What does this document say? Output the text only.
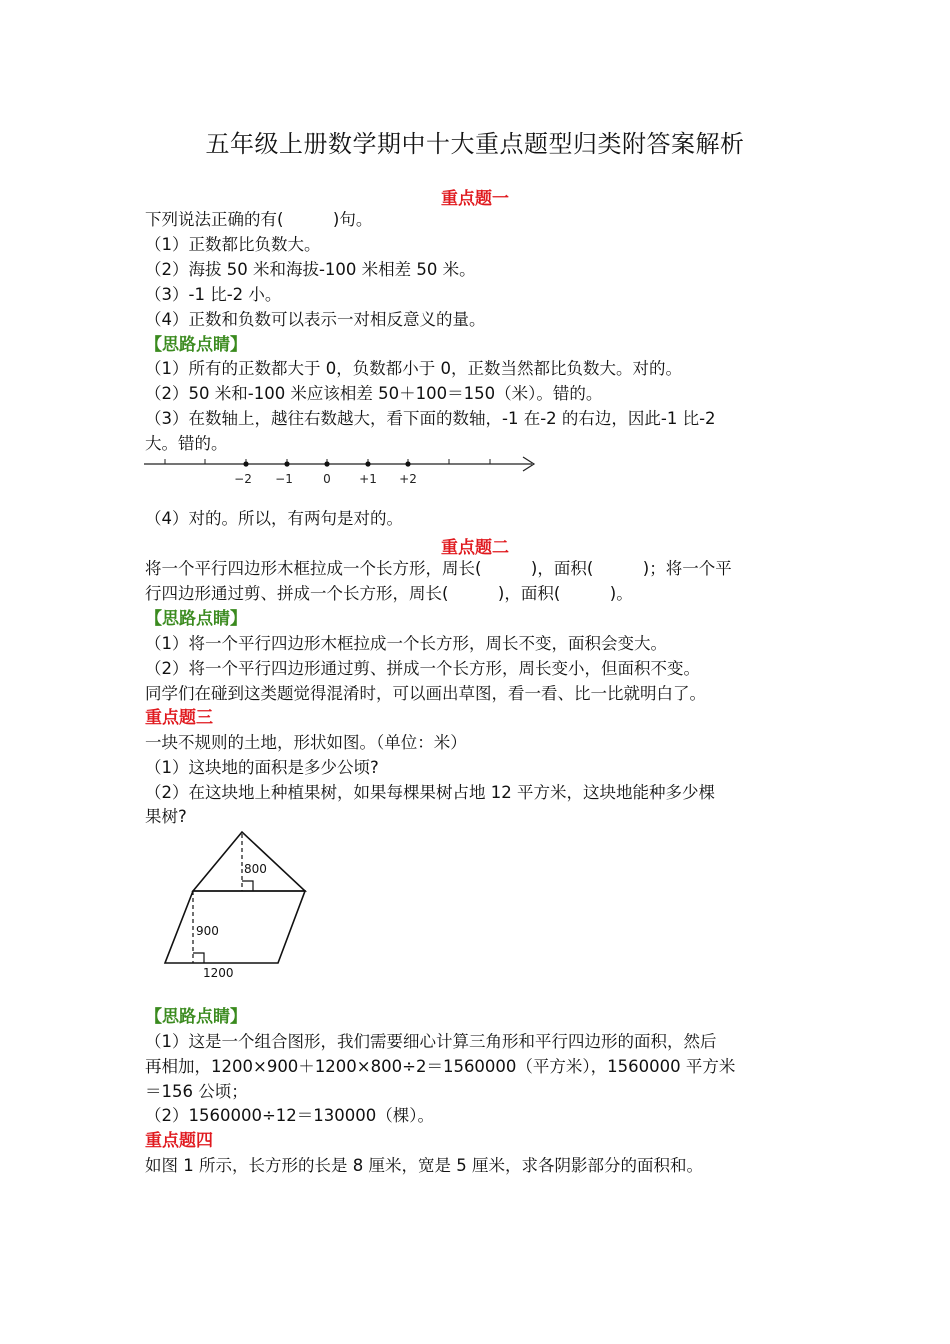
五年级上册数学期中十大重点题型归类附答案解析
重点题一
下列说法正确的有(　　　)句。
（1）正数都比负数大。
（2）海拔 50 米和海拔-100 米相差 50 米。
（3）-1 比-2 小。
（4）正数和负数可以表示一对相反意义的量。
【思路点睛】
（1）所有的正数都大于 0，负数都小于 0，正数当然都比负数大。对的。
（2）50 米和-100 米应该相差 50＋100＝150（米）。错的。
（3）在数轴上，越往右数越大，看下面的数轴，-1 在-2 的右边，因此-1 比-2
大。错的。
−2 −1	0 +1 +2
（4）对的。所以，有两句是对的。
重点题二
将一个平行四边形木框拉成一个长方形，周长(　　　)，面积(　　　)；将一个平
行四边形通过剪、拼成一个长方形，周长(　　　)，面积(　　　)。
【思路点睛】
（1）将一个平行四边形木框拉成一个长方形，周长不变，面积会变大。
（2）将一个平行四边形通过剪、拼成一个长方形，周长变小，但面积不变。
同学们在碰到这类题觉得混淆时，可以画出草图，看一看、比一比就明白了。
重点题三
一块不规则的土地，形状如图。（单位：米）
（1）这块地的面积是多少公顷?
（2）在这块地上种植果树，如果每棵果树占地 12 平方米，这块地能种多少棵
果树?
800
900
1200
【思路点睛】
（1）这是一个组合图形，我们需要细心计算三角形和平行四边形的面积，然后
再相加，1200×900＋1200×800÷2＝1560000（平方米），1560000 平方米
＝156 公顷；
（2）1560000÷12＝130000（棵）。
重点题四
如图 1 所示，长方形的长是 8 厘米，宽是 5 厘米，求各阴影部分的面积和。
